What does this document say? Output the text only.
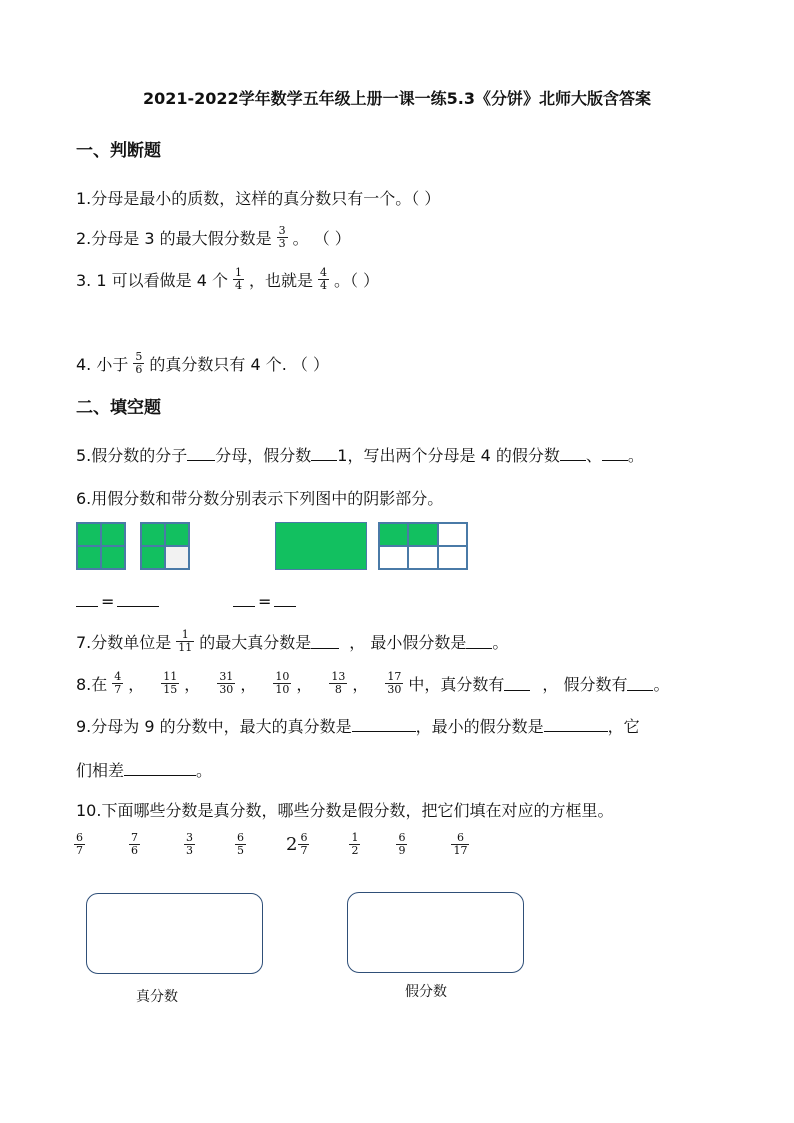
2021-2022学年数学五年级上册一课一练5.3《分饼》北师大版含答案
一、判断题
1.分母是最小的质数，这样的真分数只有一个。（ ）
2.分母是 3 的最大假分数是 $\frac{3}{3}$ 。 （ ）
3. 1 可以看做是 4 个 $\frac{1}{4}$ ，也就是 $\frac{4}{4}$ 。（ ）
4. 小于 $\frac{5}{6}$ 的真分数只有 4 个. （ ）
二、填空题
5.假分数的分子 分母，假分数 1，写出两个分母是 4 的假分数 、 。
6.用假分数和带分数分别表示下列图中的阴影部分。
=	=
7.分数单位是 $\frac{1}{11}$ 的最大真分数是 ， 最小假分数是 。
8.在 $\frac{4}{7}$ ， $\frac{11}{15}$ ， $\frac{31}{30}$ ， $\frac{10}{10}$ ， $\frac{13}{8}$ ， $\frac{17}{30}$ 中，真分数有 ， 假分数有 。
9.分母为 9 的分数中，最大的真分数是	，最小的假分数是	，它
们相差	。
10.下面哪些分数是真分数，哪些分数是假分数，把它们填在对应的方框里。
$\frac{6}{7}$	$\frac{7}{6}$	$\frac{3}{3}$	$\frac{6}{5} 2 \frac{6}{7}$	$\frac{1}{2}$	$\frac{6}{9}$	$\frac{6}{17}$
真分数	假分数
